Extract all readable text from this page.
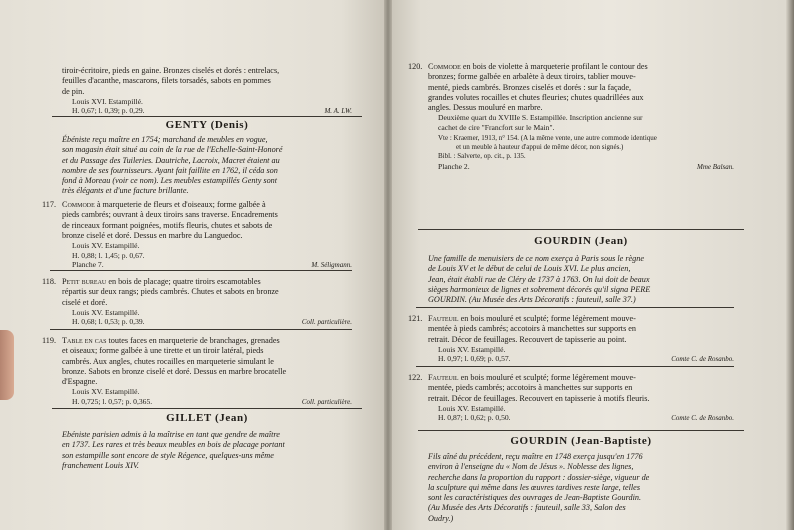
tiroir-écritoire, pieds en gaine. Bronzes ciselés et dorés : entrelacs,

feuilles d'acanthe, mascarons, filets torsadés, sabots en pommes

de pin.

Louis XVI. Estampillé.
H. 0,67; l. 0,39; p. 0,29.	M. A. LW.
GENTY (Denis)

Ébéniste reçu maître en 1754; marchand de meubles en vogue,

son magasin était situé au coin de la rue de l'Echelle-Saint-Honoré

et du Passage des Tuileries. Dautriche, Lacroix, Macret étaient au

nombre de ses fournisseurs. Ayant fait faillite en 1762, il céda son

fond à Moreau (voir ce nom). Les meubles estampillés Genty sont

très élégants et d'une facture brillante.

117. Commode à marqueterie de fleurs et d'oiseaux; forme galbée à

pieds cambrés; ouvrant à deux tiroirs sans traverse. Encadrements

de rinceaux formant poignées, motifs fleuris, chutes et sabots de

bronze ciselé et doré. Dessus en marbre du Languedoc.

Louis XV. Estampillé.
H. 0,88; l. 1,45; p. 0,67.
Planche 7.	M. Séligmann.
118. Petit bureau en bois de placage; quatre tiroirs escamotables

répartis sur deux rangs; pieds cambrés. Chutes et sabots en bronze

ciselé et doré.

Louis XV. Estampillé.
H. 0,68; l. 0,53; p. 0,39.	Coll. particulière.
119. Table en cas toutes faces en marqueterie de branchages, grenades

et oiseaux; forme galbée à une tirette et un tiroir latéral, pieds

cambrés. Aux angles, chutes rocailles en marqueterie simulant le

bronze. Sabots en bronze ciselé et doré. Dessus en marbre brocatelle

d'Espagne.

Louis XV. Estampillé.
H. 0,725; l. 0,57; p. 0,365.	Coll. particulière.
GILLET (Jean)

Ebéniste parisien admis à la maîtrise en tant que gendre de maître

en 1737. Les rares et très beaux meubles en bois de placage portant

son estampille sont encore de style Régence, quelques-uns même

franchement Louis XIV.

120. Commode en bois de violette à marqueterie profilant le contour des

bronzes; forme galbée en arbalète à deux tiroirs, tablier mouve-

menté, pieds cambrés. Bronzes ciselés et dorés : sur la façade,

grandes volutes rocailles et chutes fleuries; chutes quadrillées aux

angles. Dessus mouluré en marbre.

Deuxième quart du XVIIIe S. Estampillée. Inscription ancienne sur
cachet de cire "Francfort sur le Main".
Vte : Kraemer, 1913, n° 154. (A la même vente, une autre commode identique
et un meuble à hauteur d'appui de même décor, non signés.)
Bibl. : Salverte, op. cit., p. 135.
Planche 2.	Mme Balsan.
GOURDIN (Jean)

Une famille de menuisiers de ce nom exerça à Paris sous le règne

de Louis XV et le début de celui de Louis XVI. Le plus ancien,

Jean, était établi rue de Cléry de 1737 à 1763. On lui doit de beaux

sièges harmonieux de lignes et sobrement décorés qu'il signa PERE

GOURDIN. (Au Musée des Arts Décoratifs : fauteuil, salle 37.)

121. Fauteuil en bois mouluré et sculpté; forme légèrement mouve-

mentée à pieds cambrés; accotoirs à manchettes sur supports en

retrait. Décor de feuillages. Recouvert de tapisserie au point.

Louis XV. Estampillé.
H. 0,97; l. 0,69; p. 0,57.	Comte C. de Rosanbo.
122. Fauteuil en bois mouluré et sculpté; forme légèrement mouve-

mentée, pieds cambrés; accotoirs à manchettes sur supports en

retrait. Décor de feuillages. Recouvert en tapisserie à motifs fleuris.

Louis XV. Estampillé.
H. 0,87; l. 0,62; p. 0,50.	Comte C. de Rosanbo.
GOURDIN (Jean-Baptiste)

Fils aîné du précédent, reçu maître en 1748 exerça jusqu'en 1776

environ à l'enseigne du « Nom de Jésus ». Noblesse des lignes,

recherche dans la proportion du rapport : dossier-siège, vigueur de

la sculpture qui même dans les œuvres tardives reste large, telles

sont les caractéristiques des ouvrages de Jean-Baptiste Gourdin.

(Au Musée des Arts Décoratifs : fauteuil, salle 33, Salon des

Oudry.)
